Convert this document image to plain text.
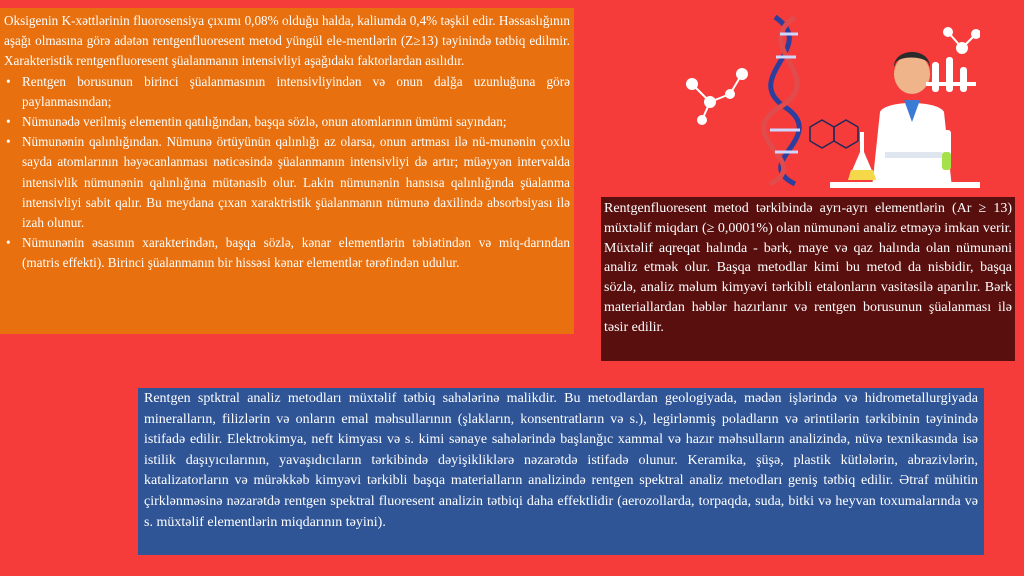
Oksigenin K-xəttlərinin fluorosensiya çıxımı 0,08% olduğu halda, kaliumda 0,4% təşkil edir. Həssaslığının aşağı olmasına görə adətən rentgenfluoresent metod yüngül ele-mentlərin (Z≥13) təyinində tətbiq edilmir. Xarakteristik rentgenfluoresent şüalanmanın intensivliyi aşağıdakı faktorlardan asılıdır.

• Rentgen borusunun birinci şüalanmasının intensivliyindən və onun dalğa uzunluğuna görə paylanmasından;
• Nümunədə verilmiş elementin qatılığından, başqa sözlə, onun atomlarının ümümi sayından;
• Nümunənin qalınlığından. Nümunə örtüyünün qalınlığı az olarsa, onun artması ilə nü-munənin çoxlu sayda atomlarının həyəcanlanması nəticəsində şüalanmanın intensivliyi də artır; müəyyən intervalda intensivlik nümunənin qalınlığına mütənasib olur. Lakin nümunənin hansısa qalınlığında şüalanma intensivliyi sabit qalır. Bu meydana çıxan xaraktristik şüalanmanın nümunə daxilində absorbsiyası ilə izah olunur.
• Nümunənin əsasının xarakterindən, başqa sözlə, kənar elementlərin təbiətindən və miq-darından (matris effekti). Birinci şüalanmanın bir hissəsi kənar elementlər tərəfindən udulur.
Rentgenfluoresent metod tərkibində ayrı-ayrı elementlərin (Ar ≥ 13) müxtəlif miqdarı (≥ 0,0001%) olan nümunəni analiz etməyə imkan verir. Müxtəlif aqreqat halında - bərk, maye və qaz halında olan nümunəni analiz etmək olur. Başqa metodlar kimi bu metod da nisbidir, başqa sözlə, analiz məlum kimyəvi tərkibli etalonların vasitəsilə aparılır. Bərk materiallardan həblər hazırlanır və rentgen borusunun şüalanması ilə təsir edilir.
Rentgen sptktral analiz metodları müxtəlif tətbiq sahələrinə malikdir. Bu metodlardan geologiyada, mədən işlərində və hidrometallurgiyada mineralların, filizlərin və onların emal məhsullarının (şlakların, konsentratların və s.), legirlənmiş poladların və ərintilərin tərkibinin təyinində istifadə edilir. Elektrokimya, neft kimyası və s. kimi sənaye sahələrində başlanğıc xammal və hazır məhsulların analizində, nüvə texnikasında isə istilik daşıyıcılarının, yavaşıdıcıların tərkibində dəyişikliklərə nəzarətdə istifadə olunur. Keramika, şüşə, plastik kütlələrin, abrazivlərin, katalizatorların və mürəkkəb kimyəvi tərkibli başqa materialların analizində rentgen spektral analiz metodları geniş tətbiq edilir. Ətraf mühitin çirklənməsinə nəzarətdə rentgen spektral fluoresent analizin tətbiqi daha effektlidir (aerozollarda, torpaqda, suda, bitki və heyvan toxumalarında və s. müxtəlif elementlərin miqdarının təyini).
